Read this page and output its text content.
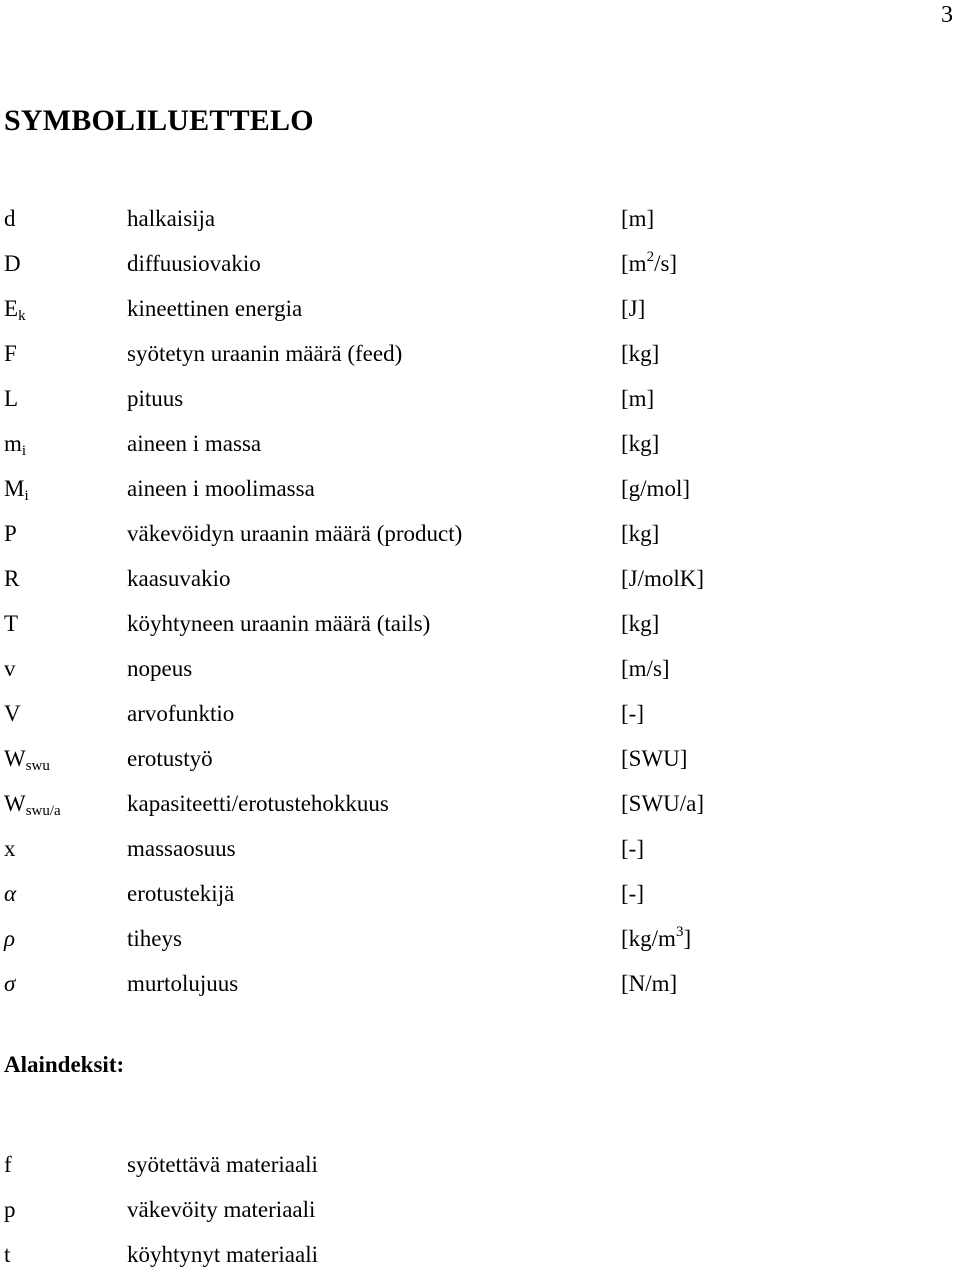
3
SYMBOLILUETTELO
d	halkaisija	[m]
D	diffuusiovakio	$[m^2/s]$
$E_k$	kineettinen energia	[J]
F	syötetyn uraanin määrä (feed)	[kg]
L	pituus	[m]
$m_i$	aineen i massa	[kg]
$M_i$	aineen i moolimassa	[g/mol]
P	väkevöidyn uraanin määrä (product)	[kg]
R	kaasuvakio	[J/molK]
T	köyhtyneen uraanin määrä (tails)	[kg]
v	nopeus	[m/s]
V	arvofunktio	[-]
$W_{swu}$	erotustyö	[SWU]
$W_{swu/a}$	kapasiteetti/erotustehokkuus	[SWU/a]
x	massaosuus	[-]
α	erotustekijä	[-]
ρ	tiheys	$[kg/m^3]$
σ	murtolujuus	[N/m]
Alaindeksit:
f	syötettävä materiaali
p	väkevöity materiaali
t	köyhtynyt materiaali
